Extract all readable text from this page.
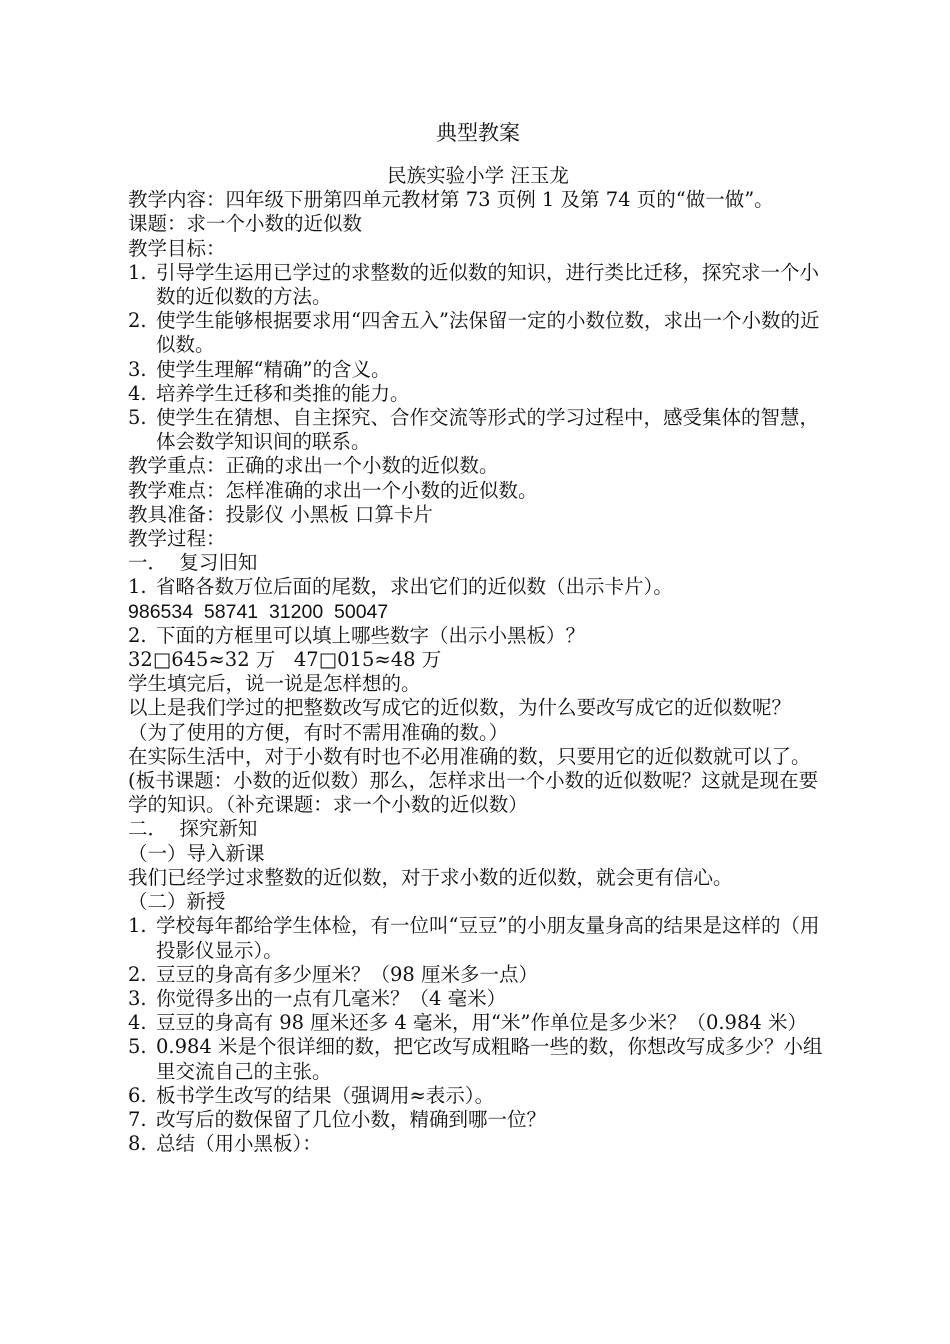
典型教案
民族实验小学 汪玉龙

教学内容：四年级下册第四单元教材第 73 页例 1 及第 74 页的“做一做”。

课题：求一个小数的近似数

教学目标：

1. 引导学生运用已学过的求整数的近似数的知识，进行类比迁移，探究求一个小数的近似数的方法。
2. 使学生能够根据要求用“四舍五入”法保留一定的小数位数，求出一个小数的近似数。
3. 使学生理解“精确”的含义。
4. 培养学生迁移和类推的能力。
5. 使学生在猜想、自主探究、合作交流等形式的学习过程中，感受集体的智慧，体会数学知识间的联系。

教学重点：正确的求出一个小数的近似数。

教学难点：怎样准确的求出一个小数的近似数。

教具准备：投影仪 小黑板 口算卡片

教学过程：

一．  复习旧知

1. 省略各数万位后面的尾数，求出它们的近似数（出示卡片）。

986534  58741  31200  50047

2. 下面的方框里可以填上哪些数字（出示小黑板）？

32□645≈32 万   47□015≈48 万

学生填完后，说一说是怎样想的。

以上是我们学过的把整数改写成它的近似数，为什么要改写成它的近似数呢？（为了使用的方便，有时不需用准确的数。）

在实际生活中，对于小数有时也不必用准确的数，只要用它的近似数就可以了。(板书课题：小数的近似数）那么，怎样求出一个小数的近似数呢？这就是现在要学的知识。（补充课题：求一个小数的近似数）

二．  探究新知

（一）导入新课

我们已经学过求整数的近似数，对于求小数的近似数，就会更有信心。

（二）新授

1. 学校每年都给学生体检，有一位叫“豆豆”的小朋友量身高的结果是这样的（用投影仪显示）。
2. 豆豆的身高有多少厘米？（98 厘米多一点）
3. 你觉得多出的一点有几毫米？（4 毫米）
4. 豆豆的身高有 98 厘米还多 4 毫米，用“米”作单位是多少米？（0.984 米）
5. 0.984 米是个很详细的数，把它改写成粗略一些的数，你想改写成多少？小组里交流自己的主张。
6. 板书学生改写的结果（强调用≈表示）。
7. 改写后的数保留了几位小数，精确到哪一位？
8. 总结（用小黑板）：
